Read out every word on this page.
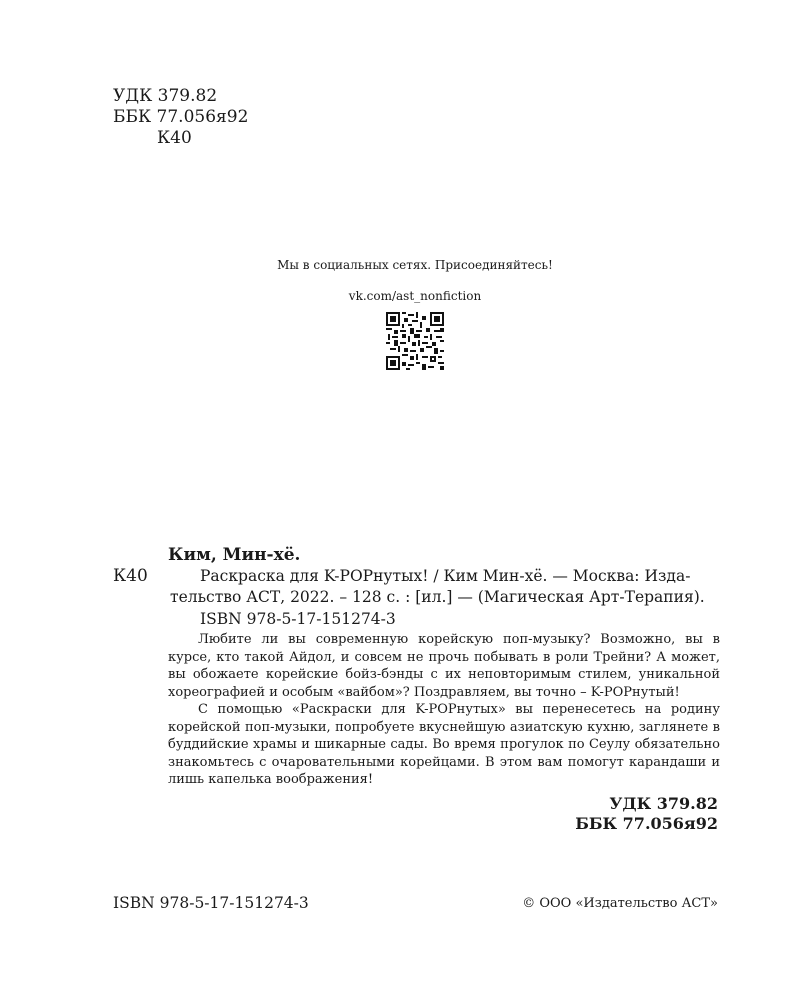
УДК 379.82
ББК 77.056я92
К40
Мы в социальных сетях. Присоединяйтесь!
vk.com/ast_nonfiction
Ким, Мин-хё.
К40	Раскраска для K-POPнутых! / Ким Мин-хё. — Москва: Изда-
тельство АСТ, 2022. – 128 с. : [ил.] — (Магическая Арт-Терапия).
ISBN 978-5-17-151274-3

Любите ли вы современную корейскую поп-музыку? Возможно, вы в курсе, кто такой Айдол, и совсем не прочь побывать в роли Трейни? А может, вы обожаете корейские бойз-бэнды с их неповторимым стилем, уникальной хореографией и особым «вайбом»? Поздравляем, вы точно – K-POPнутый!

С помощью «Раскраски для K-POPнутых» вы перенесетесь на родину корейской поп-музыки, попробуете вкуснейшую азиатскую кухню, заглянете в буддийские храмы и шикарные сады. Во время прогулок по Сеулу обязательно знакомьтесь с очаровательными корейцами. В этом вам помогут карандаши и лишь капелька воображения!

УДК 379.82
ББК 77.056я92
ISBN 978-5-17-151274-3	© ООО «Издательство АСТ»
